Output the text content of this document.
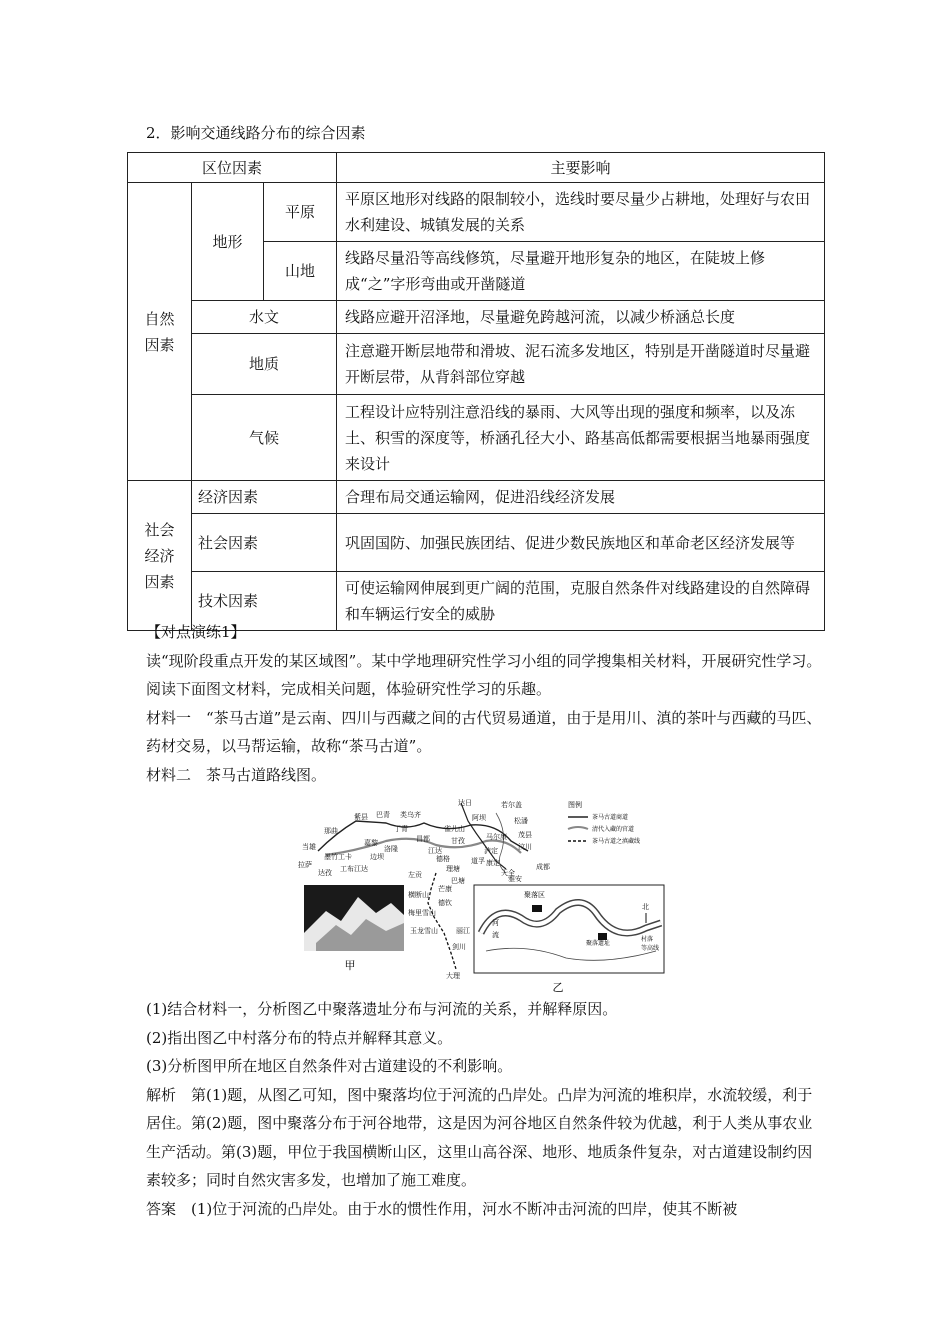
2．影响交通线路分布的综合因素
区位因素			主要影响

自然
因素	地形	平原	平原区地形对线路的限制较小，选线时要尽量少占耕地，处理好与农田水利建设、城镇发展的关系
		山地	线路尽量沿等高线修筑，尽量避开地形复杂的地区，在陡坡上修成“之”字形弯曲或开凿隧道
	水文		线路应避开沼泽地，尽量避免跨越河流，以减少桥涵总长度
	地质		注意避开断层地带和滑坡、泥石流多发地区，特别是开凿隧道时尽量避开断层带，从背斜部位穿越
	气候		工程设计应特别注意沿线的暴雨、大风等出现的强度和频率，以及冻土、积雪的深度等，桥涵孔径大小、路基高低都需要根据当地暴雨强度来设计

社会
经济
因素	经济因素		合理布局交通运输网，促进沿线经济发展
	社会因素		巩固国防、加强民族团结、促进少数民族地区和革命老区经济发展等
	技术因素		可使运输网伸展到更广阔的范围，克服自然条件对线路建设的自然障碍和车辆运行安全的威胁
【对点演练1】
读“现阶段重点开发的某区域图”。某中学地理研究性学习小组的同学搜集相关材料，开展研究性学习。阅读下面图文材料，完成相关问题，体验研究性学习的乐趣。
材料一　“茶马古道”是云南、四川与西藏之间的古代贸易通道，由于是用川、滇的茶叶与西藏的马匹、药材交易，以马帮运输，故称“茶马古道”。
材料二　茶马古道路线图。
甲
达日	若尔盖
阿坝	松潘
紫县 巴青 类乌齐
丁青
那曲
昌都	甘孜
雀儿山
理塘
道孚 康定
马尔康 茂县
汶川
成都
嘉黎
当雄
墨竹工卡
拉萨
达孜 工布江达
洛隆
边坝
江达
德格
左贡
巴塘
芒康
雅安
泸定
天全
横断山
德钦
梅里雪山
玉龙雪山	丽江
剑川
大理
图例
茶马古道商道
清代入藏的官道
茶马古道之滇藏线
聚落区
河
流
村落
等高线
聚落遗址
北
乙
(1)结合材料一，分析图乙中聚落遗址分布与河流的关系，并解释原因。
(2)指出图乙中村落分布的特点并解释其意义。
(3)分析图甲所在地区自然条件对古道建设的不利影响。
解析　第(1)题，从图乙可知，图中聚落均位于河流的凸岸处。凸岸为河流的堆积岸，水流较缓，利于居住。第(2)题，图中聚落分布于河谷地带，这是因为河谷地区自然条件较为优越，利于人类从事农业生产活动。第(3)题，甲位于我国横断山区，这里山高谷深、地形、地质条件复杂，对古道建设制约因素较多；同时自然灾害多发，也增加了施工难度。
答案　(1)位于河流的凸岸处。由于水的惯性作用，河水不断冲击河流的凹岸，使其不断被
